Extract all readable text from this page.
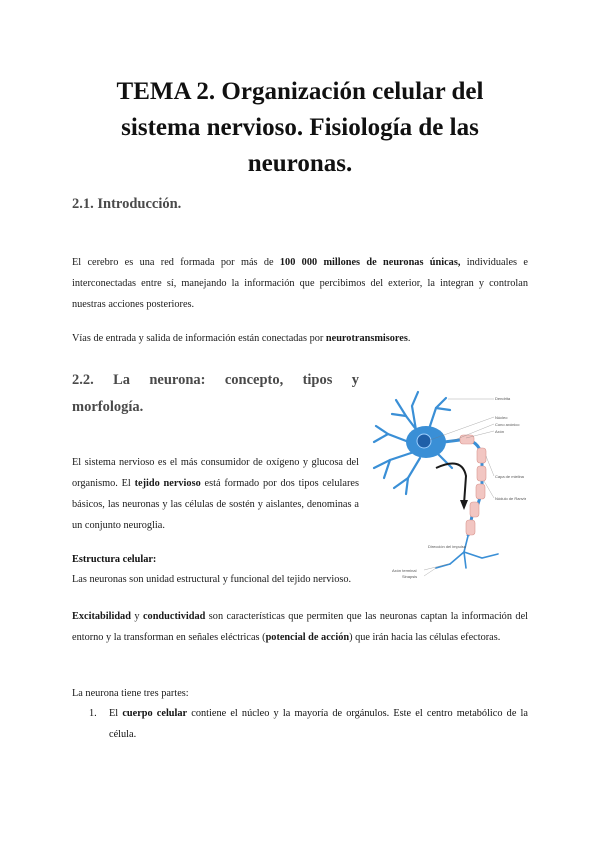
TEMA 2. Organización celular del
sistema nervioso. Fisiología de las
neuronas.
2.1. Introducción.
El cerebro es una red formada por más de 100 000 millones de neuronas únicas, individuales e interconectadas entre sí, manejando la información que percibimos del exterior, la integran y controlan nuestras acciones posteriores.
Vías de entrada y salida de información están conectadas por neurotransmisores.
2.2. La neurona: concepto, tipos y
morfología.
El sistema nervioso es el más consumidor de oxígeno y glucosa del organismo. El tejido nervioso está formado por dos tipos celulares básicos, las neuronas y las células de sostén y aislantes, denominas a un conjunto neuroglia.
Estructura celular:
Las neuronas son unidad estructural y funcional del tejido nervioso.
Excitabilidad y conductividad son características que permiten que las neuronas captan la información del entorno y la transforman en señales eléctricas (potencial de acción) que irán hacia las células efectoras.
La neurona tiene tres partes:
1. El cuerpo celular contiene el núcleo y la mayoría de orgánulos. Este el centro metabólico de la célula.
Dendrita
Núcleo
Cono axónico
Axón
Capa de mielina
Nódulo de Ranvier
Dirección del impulso
Axón terminal
Sinapsis
